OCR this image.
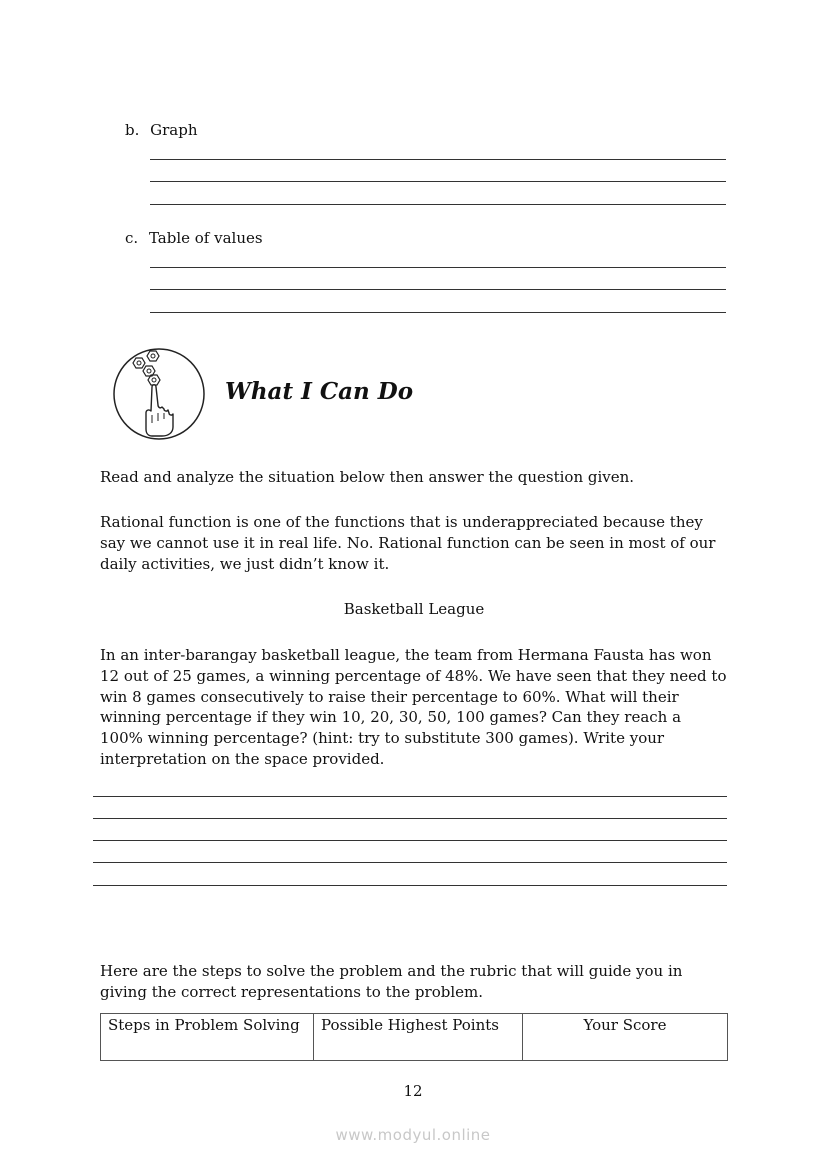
b. Graph
c. Table of values
What I Can Do
Read and analyze the situation below then answer the question given.
Rational function is one of the functions that is underappreciated because they say we cannot use it in real life. No. Rational function can be seen in most of our daily activities, we just didn’t know it.
Basketball League
In an inter-barangay basketball league, the team from Hermana Fausta has won 12 out of 25 games, a winning percentage of 48%. We have seen that they need to win 8 games consecutively to raise their percentage to 60%. What will their winning percentage if they win 10, 20, 30, 50, 100 games? Can they reach a 100% winning percentage? (hint: try to substitute 300 games). Write your interpretation on the space provided.
Here are the steps to solve the problem and the rubric that will guide you in giving the correct representations to the problem.
Steps in Problem Solving	Possible Highest Points	Your Score
12
www.modyul.online
